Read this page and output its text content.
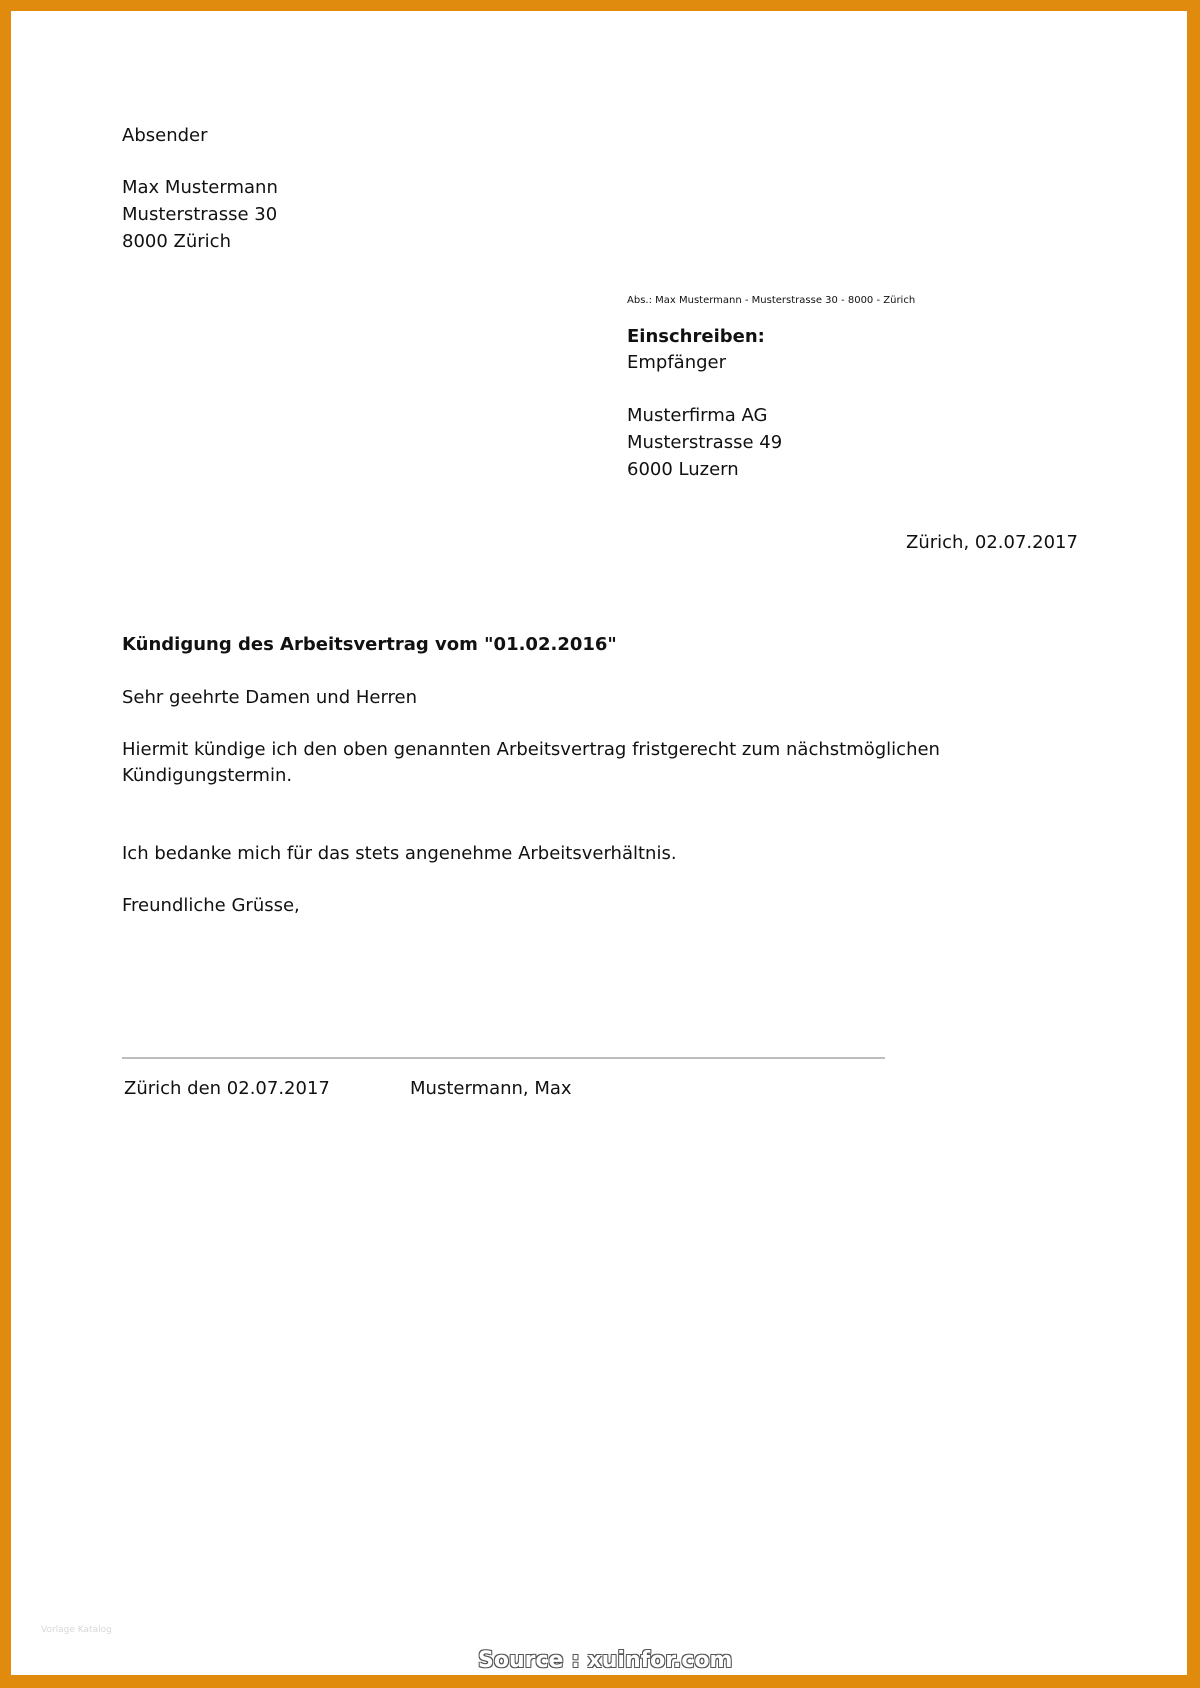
Absender
Max Mustermann
Musterstrasse 30
8000 Zürich
Abs.: Max Mustermann - Musterstrasse 30 - 8000 - Zürich
Einschreiben:
Empfänger
Musterfirma AG
Musterstrasse 49
6000 Luzern
Zürich, 02.07.2017
Kündigung des Arbeitsvertrag vom "01.02.2016"
Sehr geehrte Damen und Herren
Hiermit kündige ich den oben genannten Arbeitsvertrag fristgerecht zum nächstmöglichen
Kündigungstermin.
Ich bedanke mich für das stets angenehme Arbeitsverhältnis.
Freundliche Grüsse,
Zürich den 02.07.2017	Mustermann, Max
Vorlage Katalog
Source : xuinfor.com
